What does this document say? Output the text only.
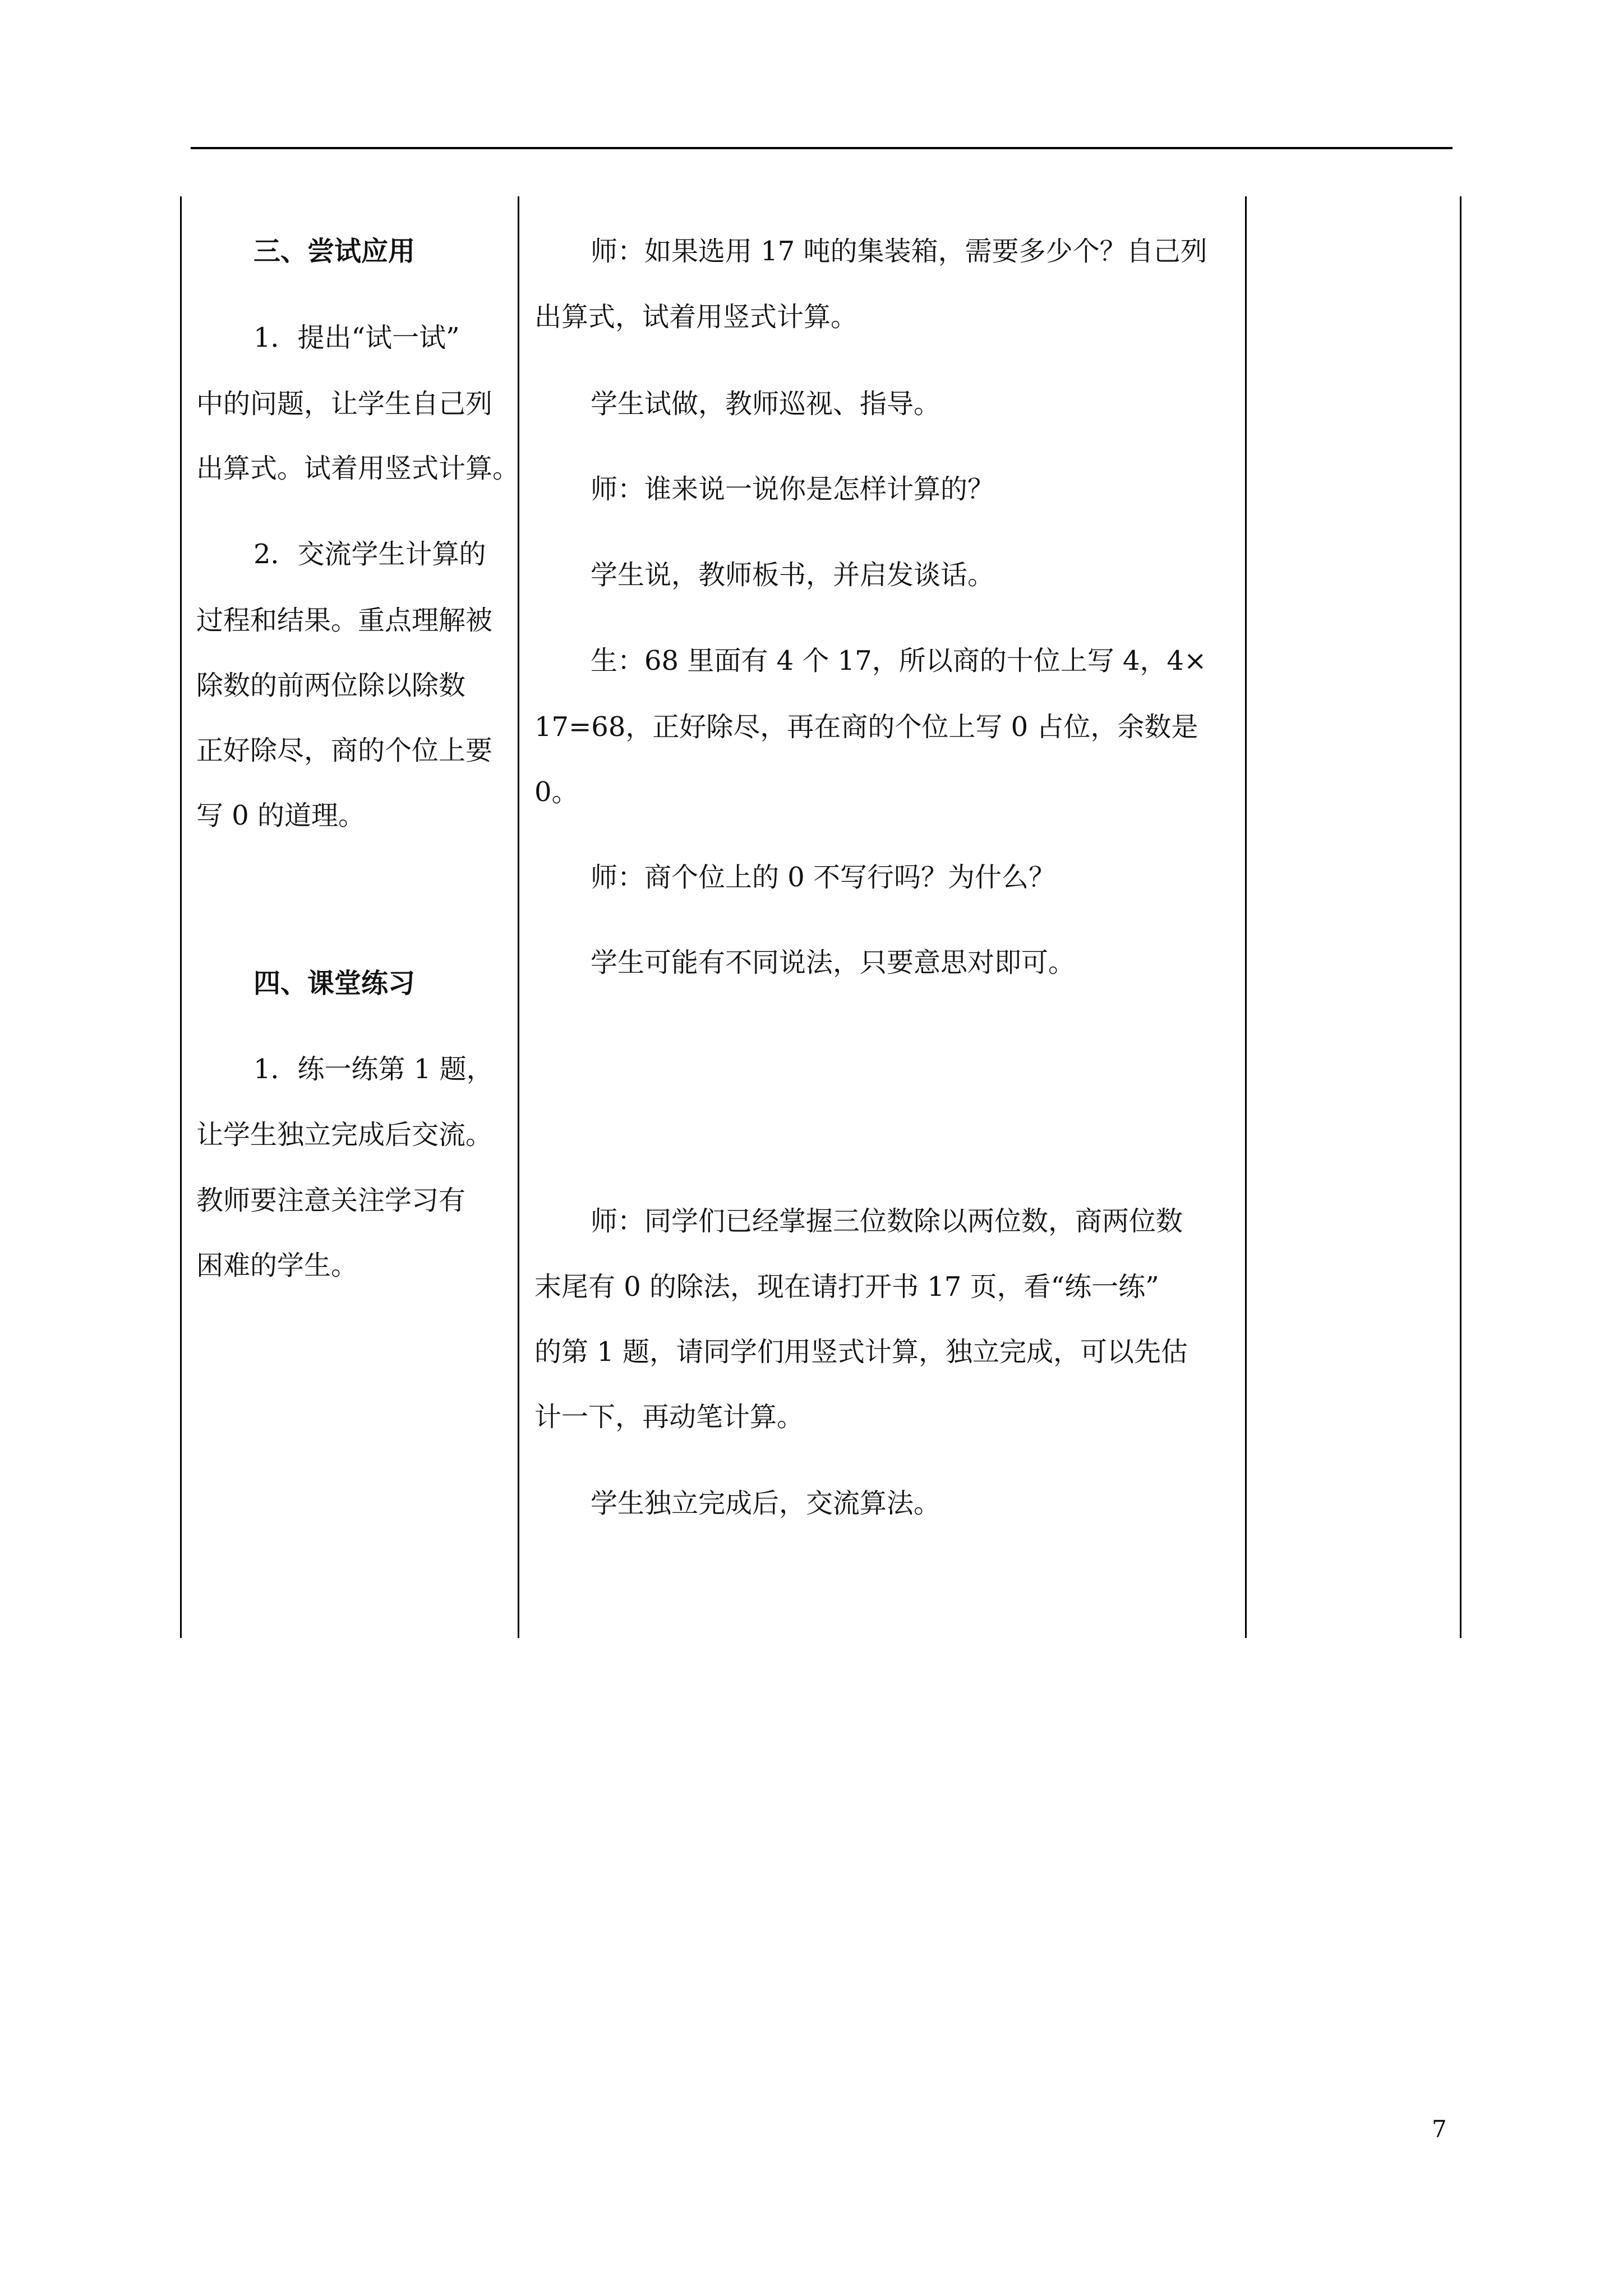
三、尝试应用
1．提出“试一试”
中的问题，让学生自己列
出算式。试着用竖式计算。
2．交流学生计算的
过程和结果。重点理解被
除数的前两位除以除数
正好除尽，商的个位上要
写 0 的道理。
四、课堂练习
1．练一练第 1 题，
让学生独立完成后交流。
教师要注意关注学习有
困难的学生。
师：如果选用 17 吨的集装箱，需要多少个？自己列
出算式，试着用竖式计算。
学生试做，教师巡视、指导。
师：谁来说一说你是怎样计算的？
学生说，教师板书，并启发谈话。
生：68 里面有 4 个 17，所以商的十位上写 4，4×
17=68，正好除尽，再在商的个位上写 0 占位，余数是
0。
师：商个位上的 0 不写行吗？为什么？
学生可能有不同说法，只要意思对即可。
师：同学们已经掌握三位数除以两位数，商两位数
末尾有 0 的除法，现在请打开书 17 页，看“练一练”
的第 1 题，请同学们用竖式计算，独立完成，可以先估
计一下，再动笔计算。
学生独立完成后，交流算法。
7
